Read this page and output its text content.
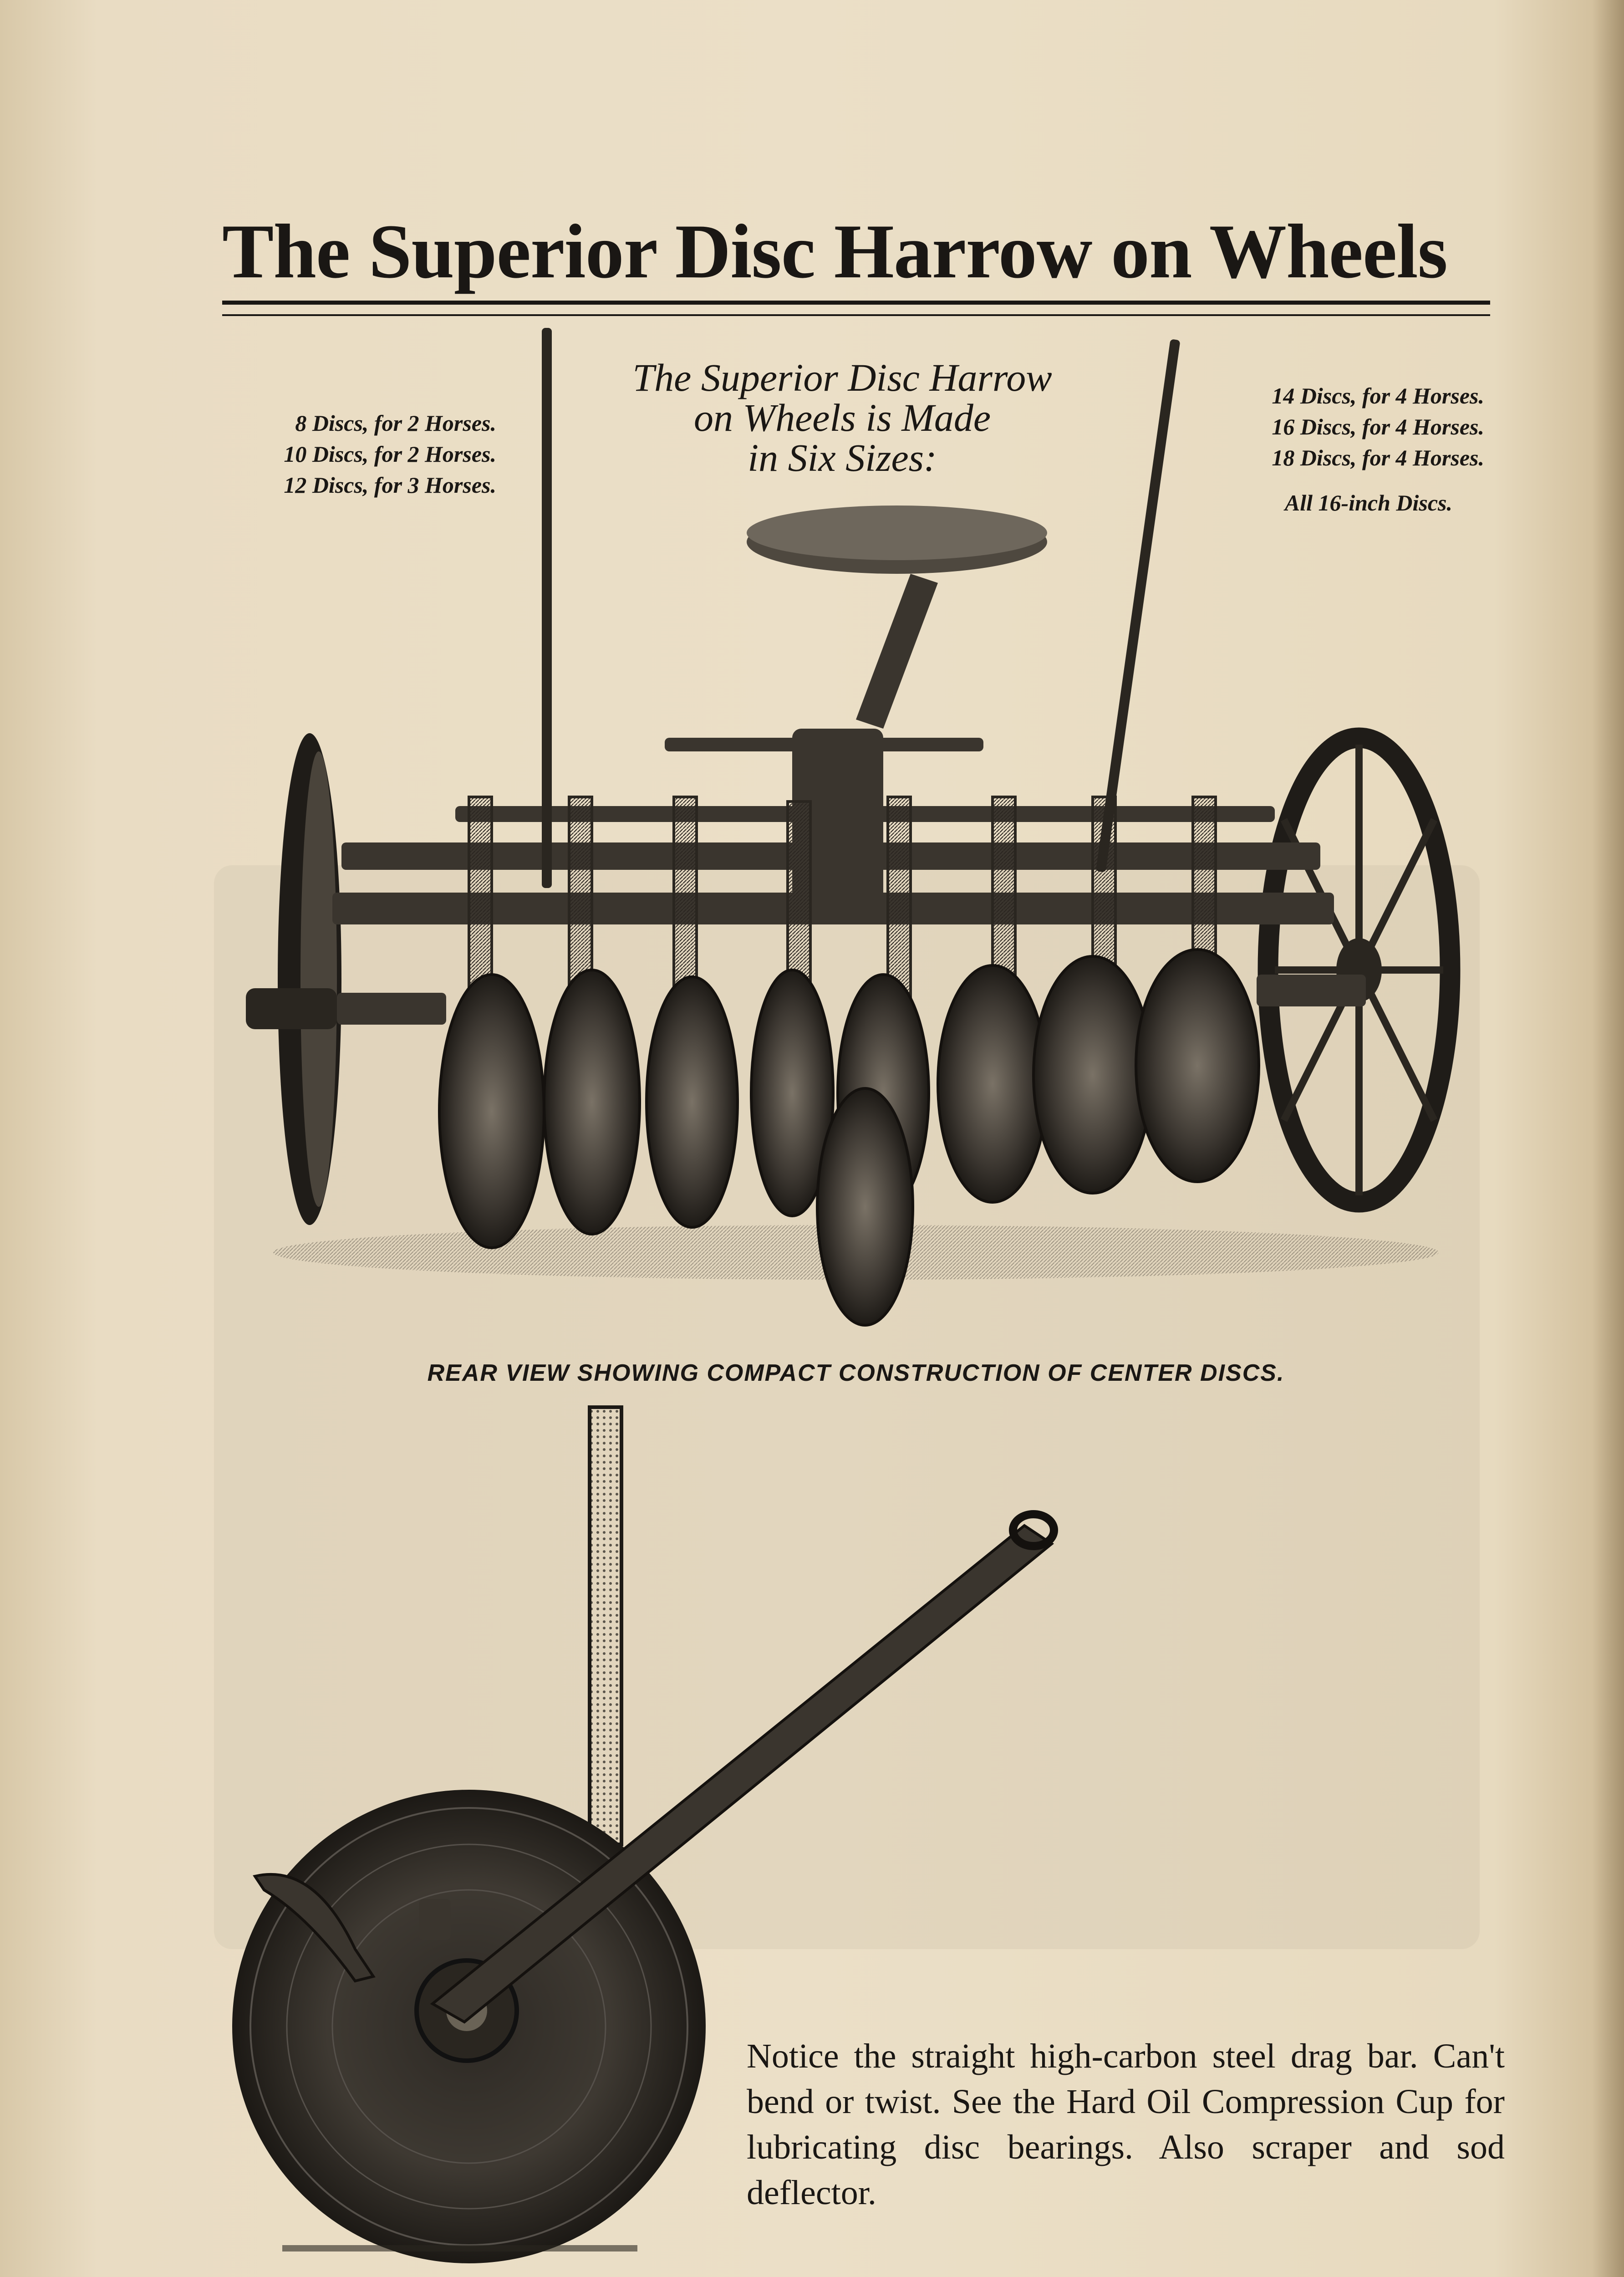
The Superior Disc Harrow on Wheels
The Superior Disc Harrow
on Wheels is Made
in Six Sizes:
8 Discs, for 2 Horses.
10 Discs, for 2 Horses.
12 Discs, for 3 Horses.
14 Discs, for 4 Horses.
16 Discs, for 4 Horses.
18 Discs, for 4 Horses.
All 16-inch Discs.
REAR VIEW SHOWING COMPACT CONSTRUCTION OF CENTER DISCS.

Notice the straight high-carbon steel drag bar. Can't bend or twist. See the Hard Oil Compression Cup for lubricating disc bearings. Also scraper and sod deflector.
